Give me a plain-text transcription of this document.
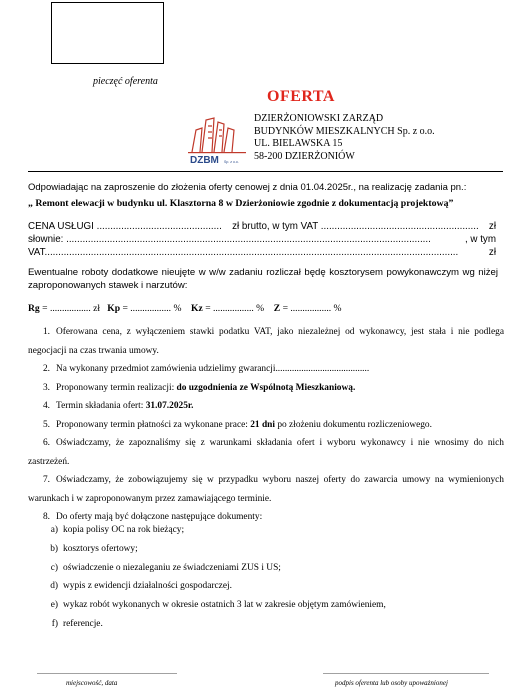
pieczęć oferenta
OFERTA
DZBM Sp. z o.o.
DZIERŻONIOWSKI ZARZĄD
BUDYNKÓW MIESZKALNYCH Sp. z o.o.
UL. BIELAWSKA 15
58-200 DZIERŻONIÓW
Odpowiadając na zaproszenie do złożenia oferty cenowej z dnia 01.04.2025r., na realizację zadania pn.:
„ Remont elewacji w budynku ul. Klasztorna 8 w Dzierżoniowie zgodnie z dokumentacją projektową”
CENA USŁUGI .............................................. zł brutto, w tym VAT .......................................................... zł
słownie: ......................................................................................................................................	, w tym
VAT........................................................................................................................................................	zł
Ewentualne roboty dodatkowe nieujęte w w/w zadaniu rozliczał będę kosztorysem powykonawczym wg niżej zaproponowanych stawek i narzutów:
Rg = ................. zł Kp = ................. % Kz = ................. % Z = ................. %
1. Oferowana cena, z wyłączeniem stawki podatku VAT, jako niezależnej od wykonawcy, jest stała i nie podlega negocjacji na czas trwania umowy.
2. Na wykonany przedmiot zamówienia udzielimy gwarancji........................................
3. Proponowany termin realizacji: do uzgodnienia ze Wspólnotą Mieszkaniową.
4. Termin składania ofert: 31.07.2025r.
5. Proponowany termin płatności za wykonane prace: 21 dni po złożeniu dokumentu rozliczeniowego.
6. Oświadczamy, że zapoznaliśmy się z warunkami składania ofert i wyboru wykonawcy i nie wnosimy do nich zastrzeżeń.
7. Oświadczamy, że zobowiązujemy się w przypadku wyboru naszej oferty do zawarcia umowy na wymienionych warunkach i w zaproponowanym przez zamawiającego terminie.
8. Do oferty mają być dołączone następujące dokumenty:
a) kopia polisy OC na rok bieżący;
b) kosztorys ofertowy;
c) oświadczenie o niezaleganiu ze świadczeniami ZUS i US;
d) wypis z ewidencji działalności gospodarczej.
e) wykaz robót wykonanych w okresie ostatnich 3 lat w zakresie objętym zamówieniem,
f) referencje.
......................................................................
miejscowość, data
...................................................................................
podpis oferenta lub osoby upoważnionej
